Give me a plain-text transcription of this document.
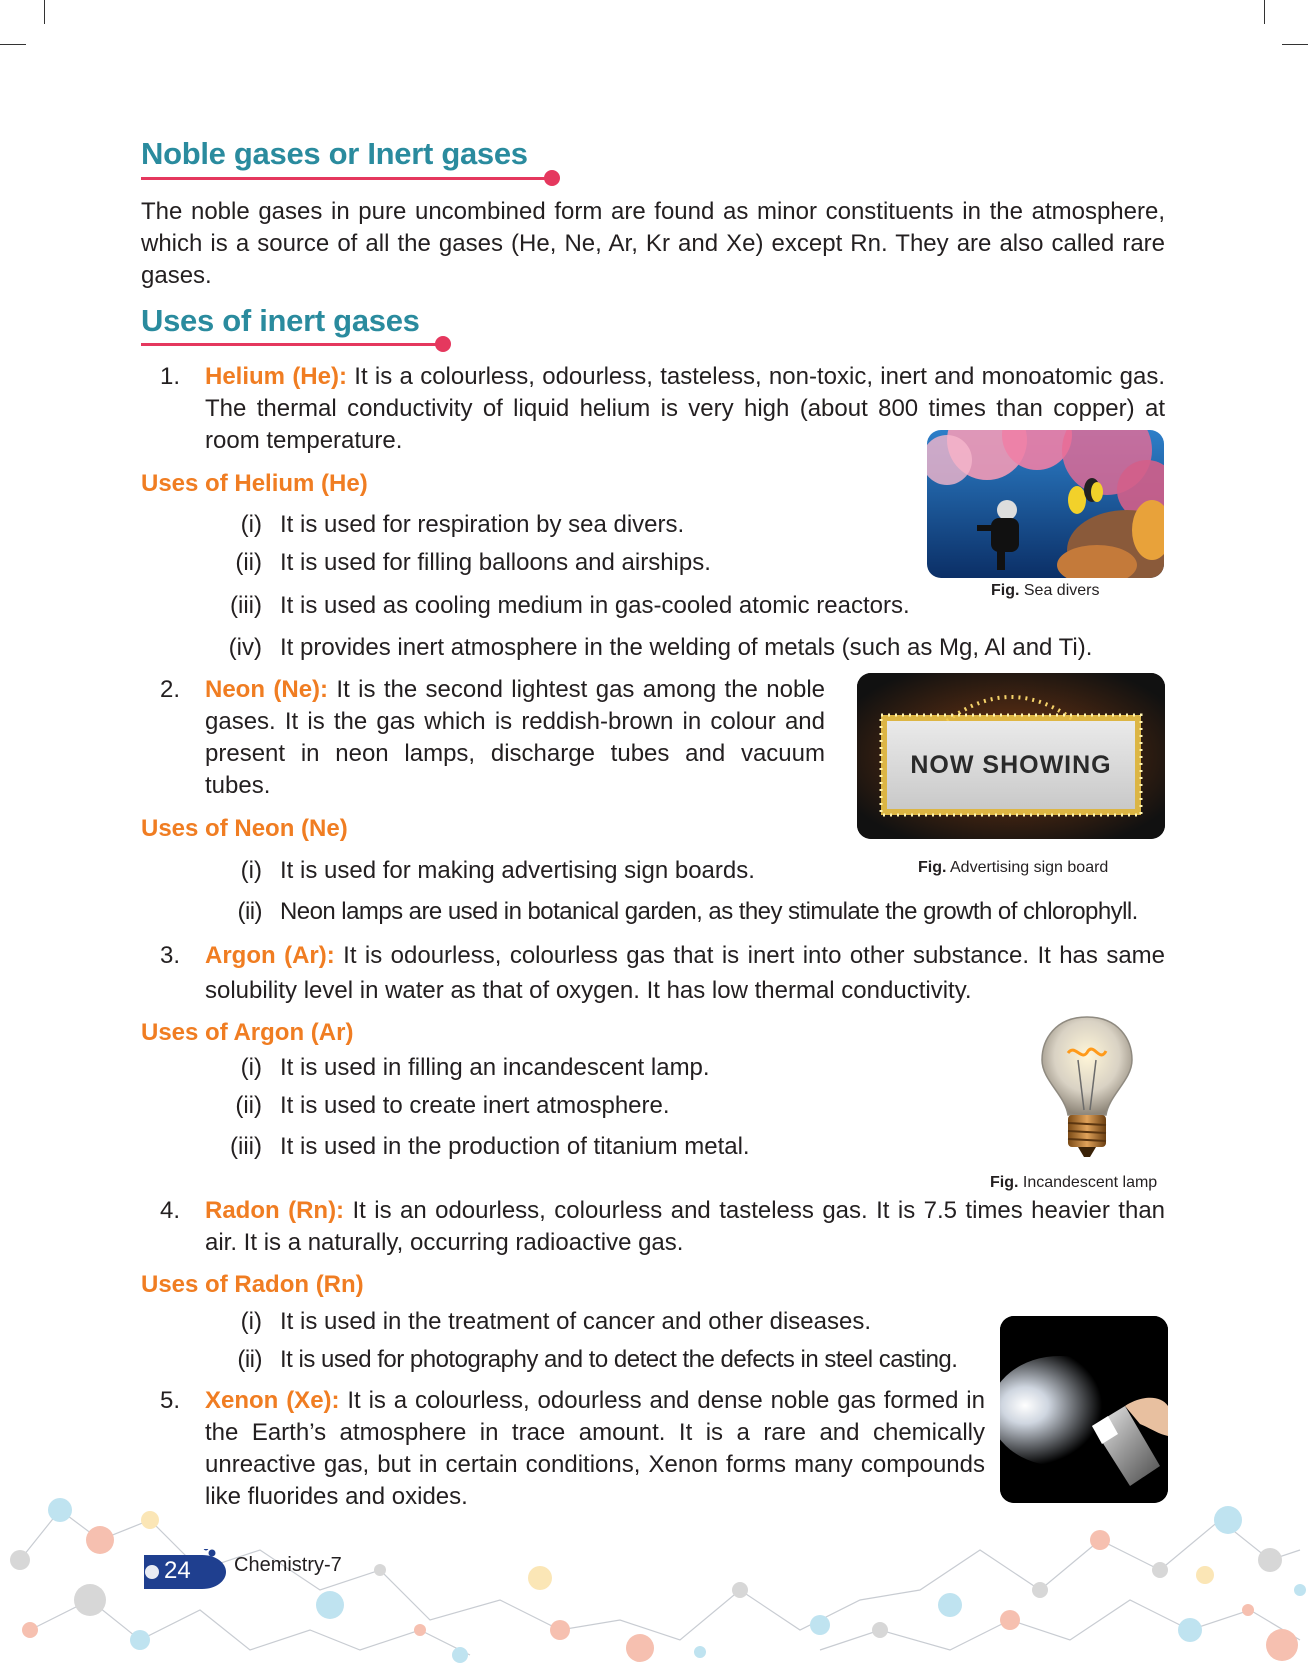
Noble gases or Inert gases

The noble gases in pure uncombined form are found as minor constituents in the atmosphere, which is a source of all the gases (He, Ne, Ar, Kr and Xe) except Rn. They are also called rare gases.

Uses of inert gases
1. Helium (He): It is a colourless, odourless, tasteless, non-toxic, inert and monoatomic gas. The thermal conductivity of liquid helium is very high (about 800 times than copper) at room temperature.
Uses of Helium (He)
(i) It is used for respiration by sea divers.
(ii) It is used for filling balloons and airships.
(iii) It is used as cooling medium in gas-cooled atomic reactors.
(iv) It provides inert atmosphere in the welding of metals (such as Mg, Al and Ti).
Fig. Sea divers
2. Neon (Ne): It is the second lightest gas among the noble gases. It is the gas which is reddish-brown in colour and present in neon lamps, discharge tubes and vacuum tubes.
Uses of Neon (Ne)
(i) It is used for making advertising sign boards.
(ii) Neon lamps are used in botanical garden, as they stimulate the growth of chlorophyll.
NOW SHOWING
Fig. Advertising sign board
3. Argon (Ar): It is odourless, colourless gas that is inert into other substance. It has same solubility level in water as that of oxygen. It has low thermal conductivity.
Uses of Argon (Ar)
(i) It is used in filling an incandescent lamp.
(ii) It is used to create inert atmosphere.
(iii) It is used in the production of titanium metal.
Fig. Incandescent lamp
4. Radon (Rn): It is an odourless, colourless and tasteless gas. It is 7.5 times heavier than air. It is a naturally, occurring radioactive gas.
Uses of Radon (Rn)
(i) It is used in the treatment of cancer and other diseases.
(ii) It is used for photography and to detect the defects in steel casting.
5. Xenon (Xe): It is a colourless, odourless and dense noble gas formed in the Earth’s atmosphere in trace amount. It is a rare and chemically unreactive gas, but in certain conditions, Xenon forms many compounds like fluorides and oxides.
24 Chemistry-7
